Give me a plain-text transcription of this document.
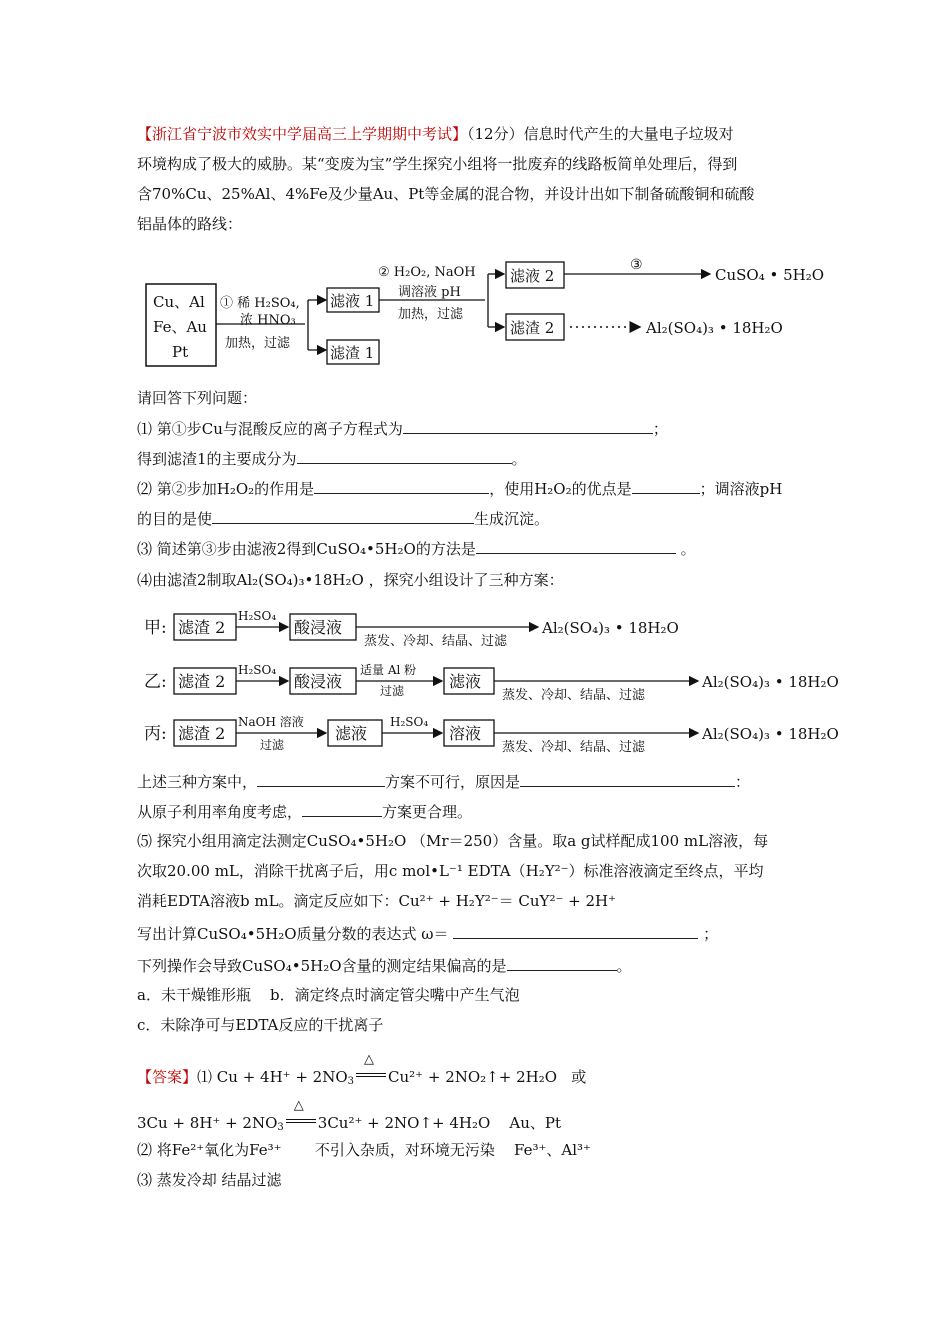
【浙江省宁波市效实中学届高三上学期期中考试】（12分）信息时代产生的大量电子垃圾对
环境构成了极大的威胁。某“变废为宝”学生探究小组将一批废弃的线路板简单处理后，得到
含70%Cu、25%Al、4%Fe及少量Au、Pt等金属的混合物，并设计出如下制备硫酸铜和硫酸
铝晶体的路线：
Cu、Al
Fe、Au
Pt
① 稀 H₂SO₄,
浓 HNO₃
加热，过滤
滤液 1
滤渣 1
② H₂O₂, NaOH
调溶液 pH
加热，过滤
滤液 2
滤渣 2
③
CuSO₄ • 5H₂O
Al₂(SO₄)₃ • 18H₂O
请回答下列问题：
⑴ 第①步Cu与混酸反应的离子方程式为	；
得到滤渣1的主要成分为	。
⑵ 第②步加H₂O₂的作用是	，使用H₂O₂的优点是	；调溶液pH
的目的是使	生成沉淀。
⑶ 简述第③步由滤液2得到CuSO₄•5H₂O的方法是	。
⑷由滤渣2制取Al₂(SO₄)₃•18H₂O ，探究小组设计了三种方案：
甲: 滤渣 2
H₂SO₄
酸浸液
蒸发、冷却、结晶、过滤
Al₂(SO₄)₃ • 18H₂O
乙: 滤渣 2
H₂SO₄
酸浸液
适量 Al 粉
过滤	滤液
蒸发、冷却、结晶、过滤
Al₂(SO₄)₃ • 18H₂O
丙: 滤渣 2
NaOH 溶液
过滤
滤液
H₂SO₄
溶液
蒸发、冷却、结晶、过滤
Al₂(SO₄)₃ • 18H₂O
上述三种方案中，	方案不可行，原因是	：
从原子利用率角度考虑，	方案更合理。
⑸ 探究小组用滴定法测定CuSO₄•5H₂O （Mr＝250）含量。取a g试样配成100 mL溶液，每
次取20.00 mL，消除干扰离子后，用c mol•L⁻¹ EDTA（H₂Y²⁻）标准溶液滴定至终点，平均
消耗EDTA溶液b mL。滴定反应如下：Cu²⁺ + H₂Y²⁻＝ CuY²⁻ + 2H⁺
写出计算CuSO₄•5H₂O质量分数的表达式 ω＝	；
下列操作会导致CuSO₄•5H₂O含量的测定结果偏高的是	。
a．未干燥锥形瓶    b．滴定终点时滴定管尖嘴中产生气泡
c．未除净可与EDTA反应的干扰离子
【答案】⑴ Cu + 4H⁺ + 2NO3
△
Cu²⁺ + 2NO₂↑+ 2H₂O   或
3Cu + 8H⁺ + 2NO3
△
3Cu²⁺ + 2NO↑+ 4H₂O    Au、Pt
⑵ 将Fe²⁺氧化为Fe³⁺       不引入杂质，对环境无污染    Fe³⁺、Al³⁺
⑶ 蒸发冷却 结晶过滤
